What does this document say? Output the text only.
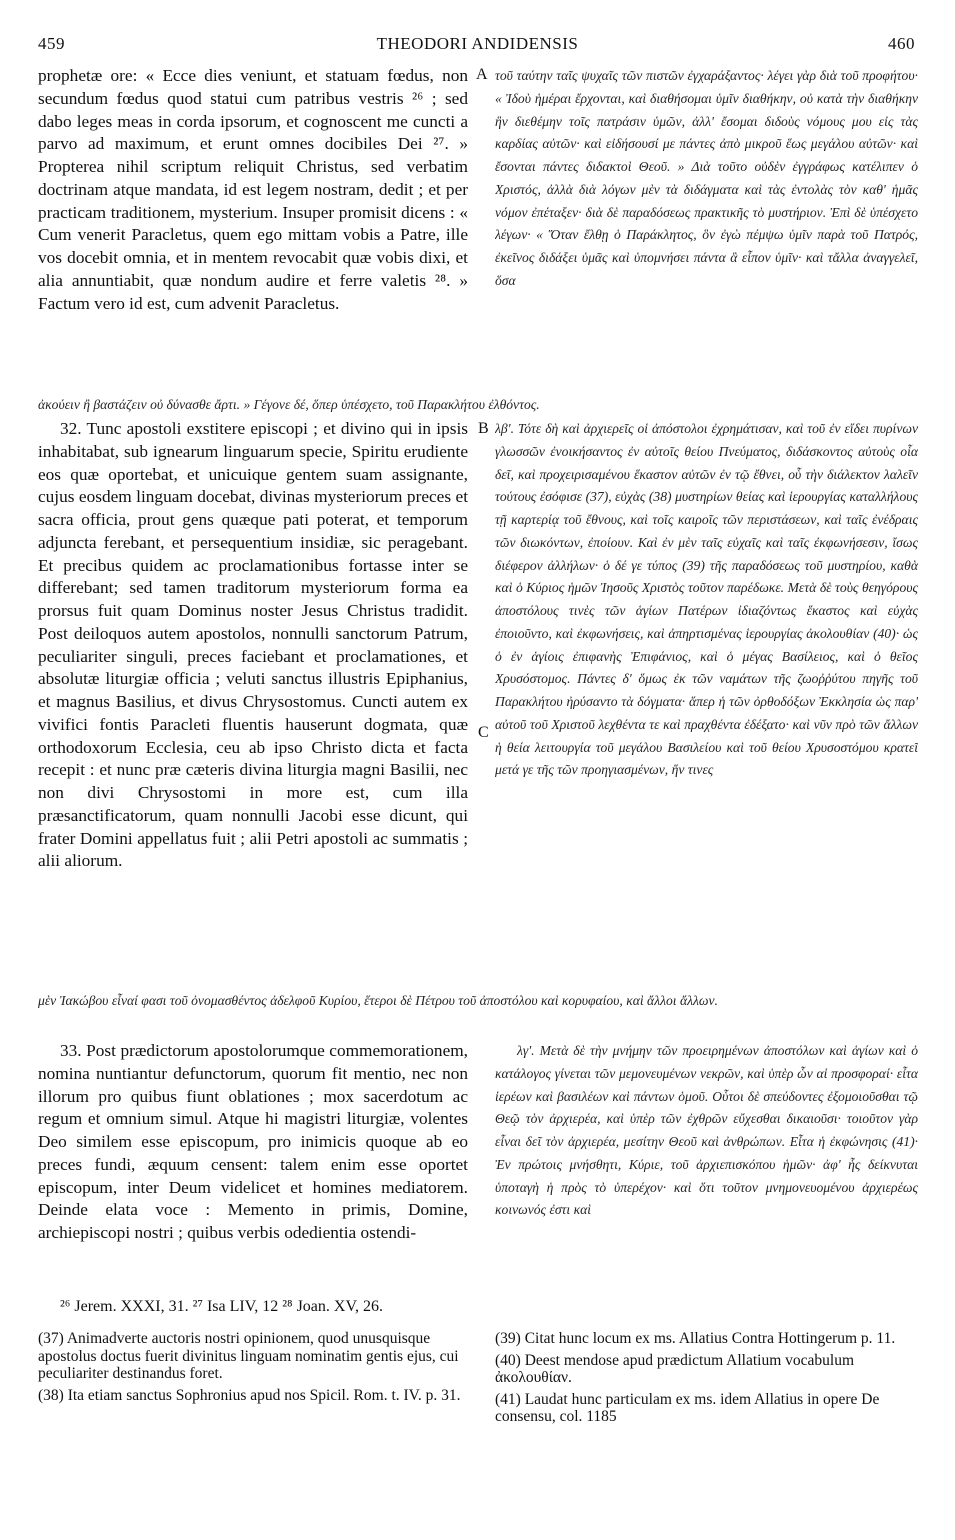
459	THEODORI ANDIDENSIS	460

prophetæ ore: « Ecce dies veniunt, et statuam fœdus, non secundum fœdus quod statui cum patribus vestris ²⁶ ; sed dabo leges meas in corda ipsorum, et cognoscent me cuncti a parvo ad maximum, et erunt omnes docibiles Dei ²⁷. » Propterea nihil scriptum reliquit Christus, sed verbatim doctrinam atque mandata, id est legem nostram, dedit ; et per practicam traditionem, mysterium. Insuper promisit dicens : « Cum venerit Paracletus, quem ego mittam vobis a Patre, ille vos docebit omnia, et in mentem revocabit quæ vobis dixi, et alia annuntiabit, quæ nondum audire et ferre valetis ²⁸. » Factum vero id est, cum advenit Paracletus.

A τοῦ ταύτην ταῖς ψυχαῖς τῶν πιστῶν ἐγχαράξαντος· λέγει γὰρ διὰ τοῦ προφήτου· « Ἰδοὺ ἡμέραι ἔρχονται, καὶ διαθήσομαι ὑμῖν διαθήκην, οὐ κατὰ τὴν διαθήκην ἣν διεθέμην τοῖς πατράσιν ὑμῶν, ἀλλ' ἔσομαι διδοὺς νόμους μου εἰς τὰς καρδίας αὐτῶν· καὶ εἰδήσουσί με πάντες ἀπὸ μικροῦ ἕως μεγάλου αὐτῶν· καὶ ἔσονται πάντες διδακτοὶ Θεοῦ. » Διὰ τοῦτο οὐδὲν ἐγγράφως κατέλιπεν ὁ Χριστός, ἀλλὰ διὰ λόγων μὲν τὰ διδάγματα καὶ τὰς ἐντολὰς τὸν καθ' ἡμᾶς νόμον ἐπέταξεν· διὰ δὲ παραδόσεως πρακτικῆς τὸ μυστήριον. Ἐπὶ δὲ ὑπέσχετο λέγων· « Ὅταν ἔλθῃ ὁ Παράκλητος, ὃν ἐγὼ πέμψω ὑμῖν παρὰ τοῦ Πατρός, ἐκεῖνος διδάξει ὑμᾶς καὶ ὑπομνήσει πάντα ἃ εἶπον ὑμῖν· καὶ τἄλλα ἀναγγελεῖ, ὅσα

ἀκούειν ἢ βαστάζειν οὐ δύνασθε ἄρτι. » Γέγονε δέ, ὅπερ ὑπέσχετο, τοῦ Παρακλήτου ἐλθόντος.

32. Tunc apostoli exstitere episcopi ; et divino qui in ipsis inhabitabat, sub ignearum linguarum specie, Spiritu erudiente eos quæ oportebat, et unicuique gentem suam assignante, cujus eosdem linguam docebat, divinas mysteriorum preces et sacra officia, prout gens quæque pati poterat, et temporum adjuncta ferebant, et persequentium insidiæ, sic peragebant. Et precibus quidem ac proclamationibus fortasse inter se differebant; sed tamen traditorum mysteriorum forma ea prorsus fuit quam Dominus noster Jesus Christus tradidit. Post deiloquos autem apostolos, nonnulli sanctorum Patrum, peculiariter singuli, preces faciebant et proclamationes, et absolutæ liturgiæ officia ; veluti sanctus illustris Epiphanius, et magnus Basilius, et divus Chrysostomus. Cuncti autem ex vivifici fontis Paracleti fluentis hauserunt dogmata, quæ orthodoxorum Ecclesia, ceu ab ipso Christo dicta et facta recepit : et nunc præ cæteris divina liturgia magni Basilii, nec non divi Chrysostomi in more est, cum illa præsanctificatorum, quam nonnulli Jacobi esse dicunt, qui frater Domini appellatus fuit ; alii Petri apostoli ac summatis ; alii aliorum.

B
C

λβ'. Τότε δὴ καὶ ἀρχιερεῖς οἱ ἀπόστολοι ἐχρημάτισαν, καὶ τοῦ ἐν εἴδει πυρίνων γλωσσῶν ἐνοικήσαντος ἐν αὐτοῖς θείου Πνεύματος, διδάσκοντος αὐτοὺς οἷα δεῖ, καὶ προχειρισαμένου ἕκαστον αὐτῶν ἐν τῷ ἔθνει, οὗ τὴν διάλεκτον λαλεῖν τούτους ἐσόφισε (37), εὐχὰς (38) μυστηρίων θείας καὶ ἱερουργίας καταλλήλους τῇ καρτερίᾳ τοῦ ἔθνους, καὶ τοῖς καιροῖς τῶν περιστάσεων, καὶ ταῖς ἐνέδραις τῶν διωκόντων, ἐποίουν. Καὶ ἐν μὲν ταῖς εὐχαῖς καὶ ταῖς ἐκφωνήσεσιν, ἴσως διέφερον ἀλλήλων· ὁ δέ γε τύπος (39) τῆς παραδόσεως τοῦ μυστηρίου, καθὰ καὶ ὁ Κύριος ἡμῶν Ἰησοῦς Χριστὸς τοῦτον παρέδωκε. Μετὰ δὲ τοὺς θεηγόρους ἀποστόλους τινὲς τῶν ἁγίων Πατέρων ἰδιαζόντως ἕκαστος καὶ εὐχὰς ἐποιοῦντο, καὶ ἐκφωνήσεις, καὶ ἀπηρτισμένας ἱερουργίας ἀκολουθίαν (40)· ὡς ὁ ἐν ἁγίοις ἐπιφανὴς Ἐπιφάνιος, καὶ ὁ μέγας Βασίλειος, καὶ ὁ θεῖος Χρυσόστομος. Πάντες δ' ὅμως ἐκ τῶν ναμάτων τῆς ζωοῤῥύτου πηγῆς τοῦ Παρακλήτου ἠρύσαντο τὰ δόγματα· ἅπερ ἡ τῶν ὀρθοδόξων Ἐκκλησία ὡς παρ' αὐτοῦ τοῦ Χριστοῦ λεχθέντα τε καὶ πραχθέντα ἐδέξατο· καὶ νῦν πρὸ τῶν ἄλλων ἡ θεία λειτουργία τοῦ μεγάλου Βασιλείου καὶ τοῦ θείου Χρυσοστόμου κρατεῖ μετά γε τῆς τῶν προηγιασμένων, ἥν τινες

μὲν Ἰακώβου εἶναί φασι τοῦ ὀνομασθέντος ἀδελφοῦ Κυρίου, ἕτεροι δὲ Πέτρου τοῦ ἀποστόλου καὶ κορυφαίου, καὶ ἄλλοι ἄλλων.

33. Post prædictorum apostolorumque commemorationem, nomina nuntiantur defunctorum, quorum fit mentio, nec non illorum pro quibus fiunt oblationes ; mox sacerdotum ac regum et omnium simul. Atque hi magistri liturgiæ, volentes Deo similem esse episcopum, pro inimicis quoque ab eo preces fundi, æquum censent: talem enim esse oportet episcopum, inter Deum videlicet et homines mediatorem. Deinde elata voce : Memento in primis, Domine, archiepiscopi nostri ; quibus verbis odedientia ostendi-

λγ'. Μετὰ δὲ τὴν μνήμην τῶν προειρημένων ἀποστόλων καὶ ἁγίων καὶ ὁ κατάλογος γίνεται τῶν μεμονευμένων νεκρῶν, καὶ ὑπὲρ ὧν αἱ προσφοραί· εἶτα ἱερέων καὶ βασιλέων καὶ πάντων ὁμοῦ. Οὗτοι δὲ σπεύδοντες ἐξομοιοῦσθαι τῷ Θεῷ τὸν ἀρχιερέα, καὶ ὑπὲρ τῶν ἐχθρῶν εὔχεσθαι δικαιοῦσι· τοιοῦτον γὰρ εἶναι δεῖ τὸν ἀρχιερέα, μεσίτην Θεοῦ καὶ ἀνθρώπων. Εἶτα ἡ ἐκφώνησις (41)· Ἐν πρώτοις μνήσθητι, Κύριε, τοῦ ἀρχιεπισκόπου ἡμῶν· ἀφ' ἧς δείκνυται ὑποταγὴ ἡ πρὸς τὸ ὑπερέχον· καὶ ὅτι τοῦτον μνημονευομένου ἀρχιερέως κοινωνός ἐστι καὶ

²⁶ Jerem. XXXI, 31. ²⁷ Isa LIV, 12 ²⁸ Joan. XV, 26.

(37) Animadverte auctoris nostri opinionem, quod unusquisque apostolus doctus fuerit divinitus linguam nominatim gentis ejus, cui peculiariter destinandus foret.

(38) Ita etiam sanctus Sophronius apud nos Spicil. Rom. t. IV. p. 31.

(39) Citat hunc locum ex ms. Allatius Contra Hottingerum p. 11.

(40) Deest mendose apud prædictum Allatium vocabulum ἀκολουθίαν.

(41) Laudat hunc particulam ex ms. idem Allatius in opere De consensu, col. 1185
